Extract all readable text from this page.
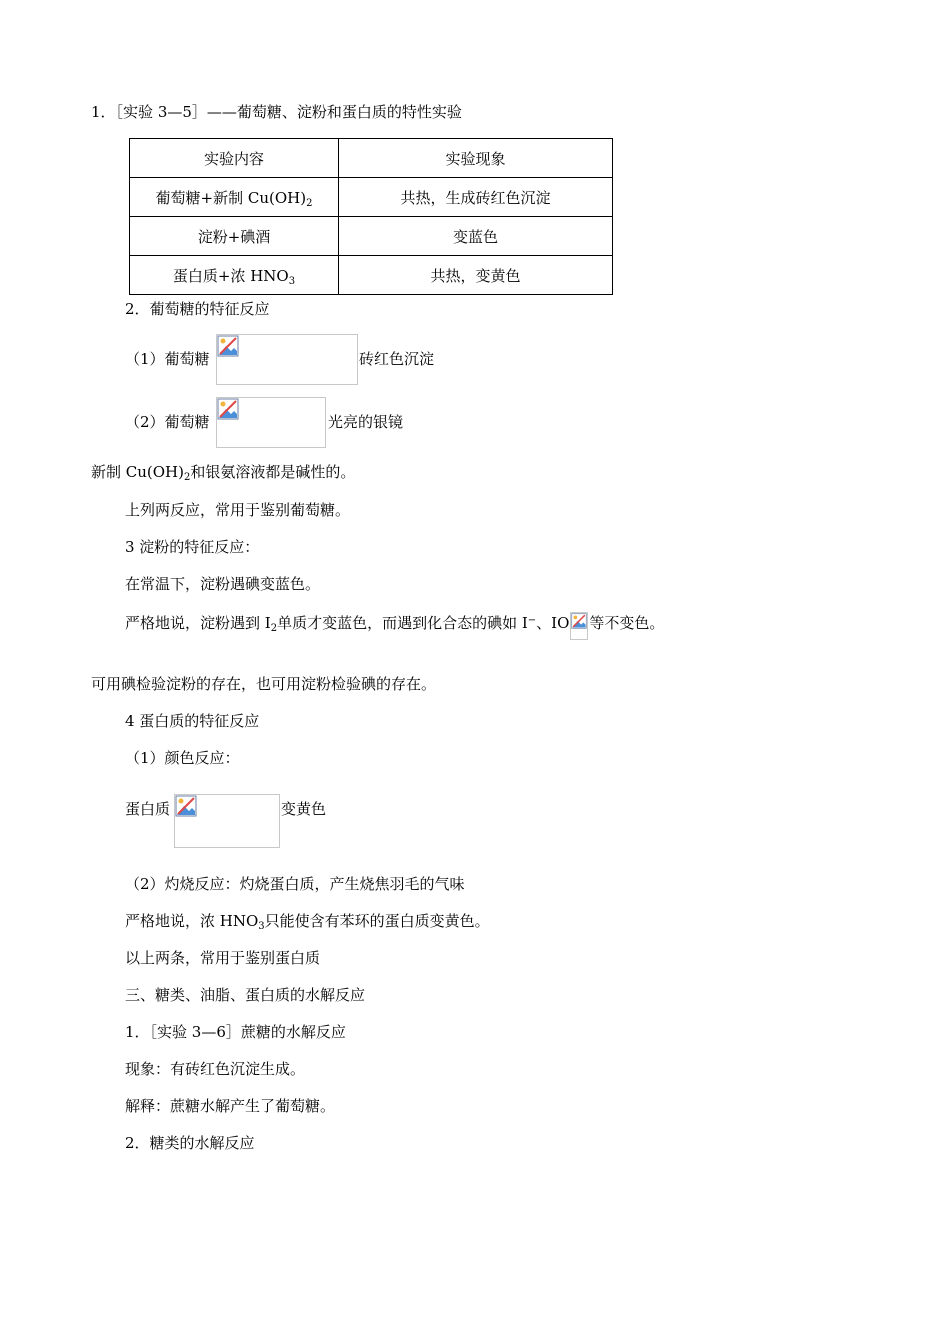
1．［实验 3—5］——葡萄糖、淀粉和蛋白质的特性实验
实验内容	实验现象
葡萄糖+新制 $Cu(OH)_2$	共热，生成砖红色沉淀
淀粉+碘酒	变蓝色
蛋白质+浓 $HNO_3$	共热，变黄色
2．葡萄糖的特征反应
（1）葡萄糖	砖红色沉淀
（2）葡萄糖	光亮的银镜
新制 $Cu(OH)_2$和银氨溶液都是碱性的。
上列两反应，常用于鉴别葡萄糖。
3 淀粉的特征反应：
在常温下，淀粉遇碘变蓝色。
严格地说，淀粉遇到 $I_2$单质才变蓝色，而遇到化合态的碘如 I−、IO 等不变色。
可用碘检验淀粉的存在，也可用淀粉检验碘的存在。
4 蛋白质的特征反应
（1）颜色反应：
蛋白质	变黄色
（2）灼烧反应：灼烧蛋白质，产生烧焦羽毛的气味
严格地说，浓 $HNO_3$只能使含有苯环的蛋白质变黄色。
以上两条，常用于鉴别蛋白质
三、糖类、油脂、蛋白质的水解反应
1．［实验 3—6］蔗糖的水解反应
现象：有砖红色沉淀生成。
解释：蔗糖水解产生了葡萄糖。
2．糖类的水解反应
